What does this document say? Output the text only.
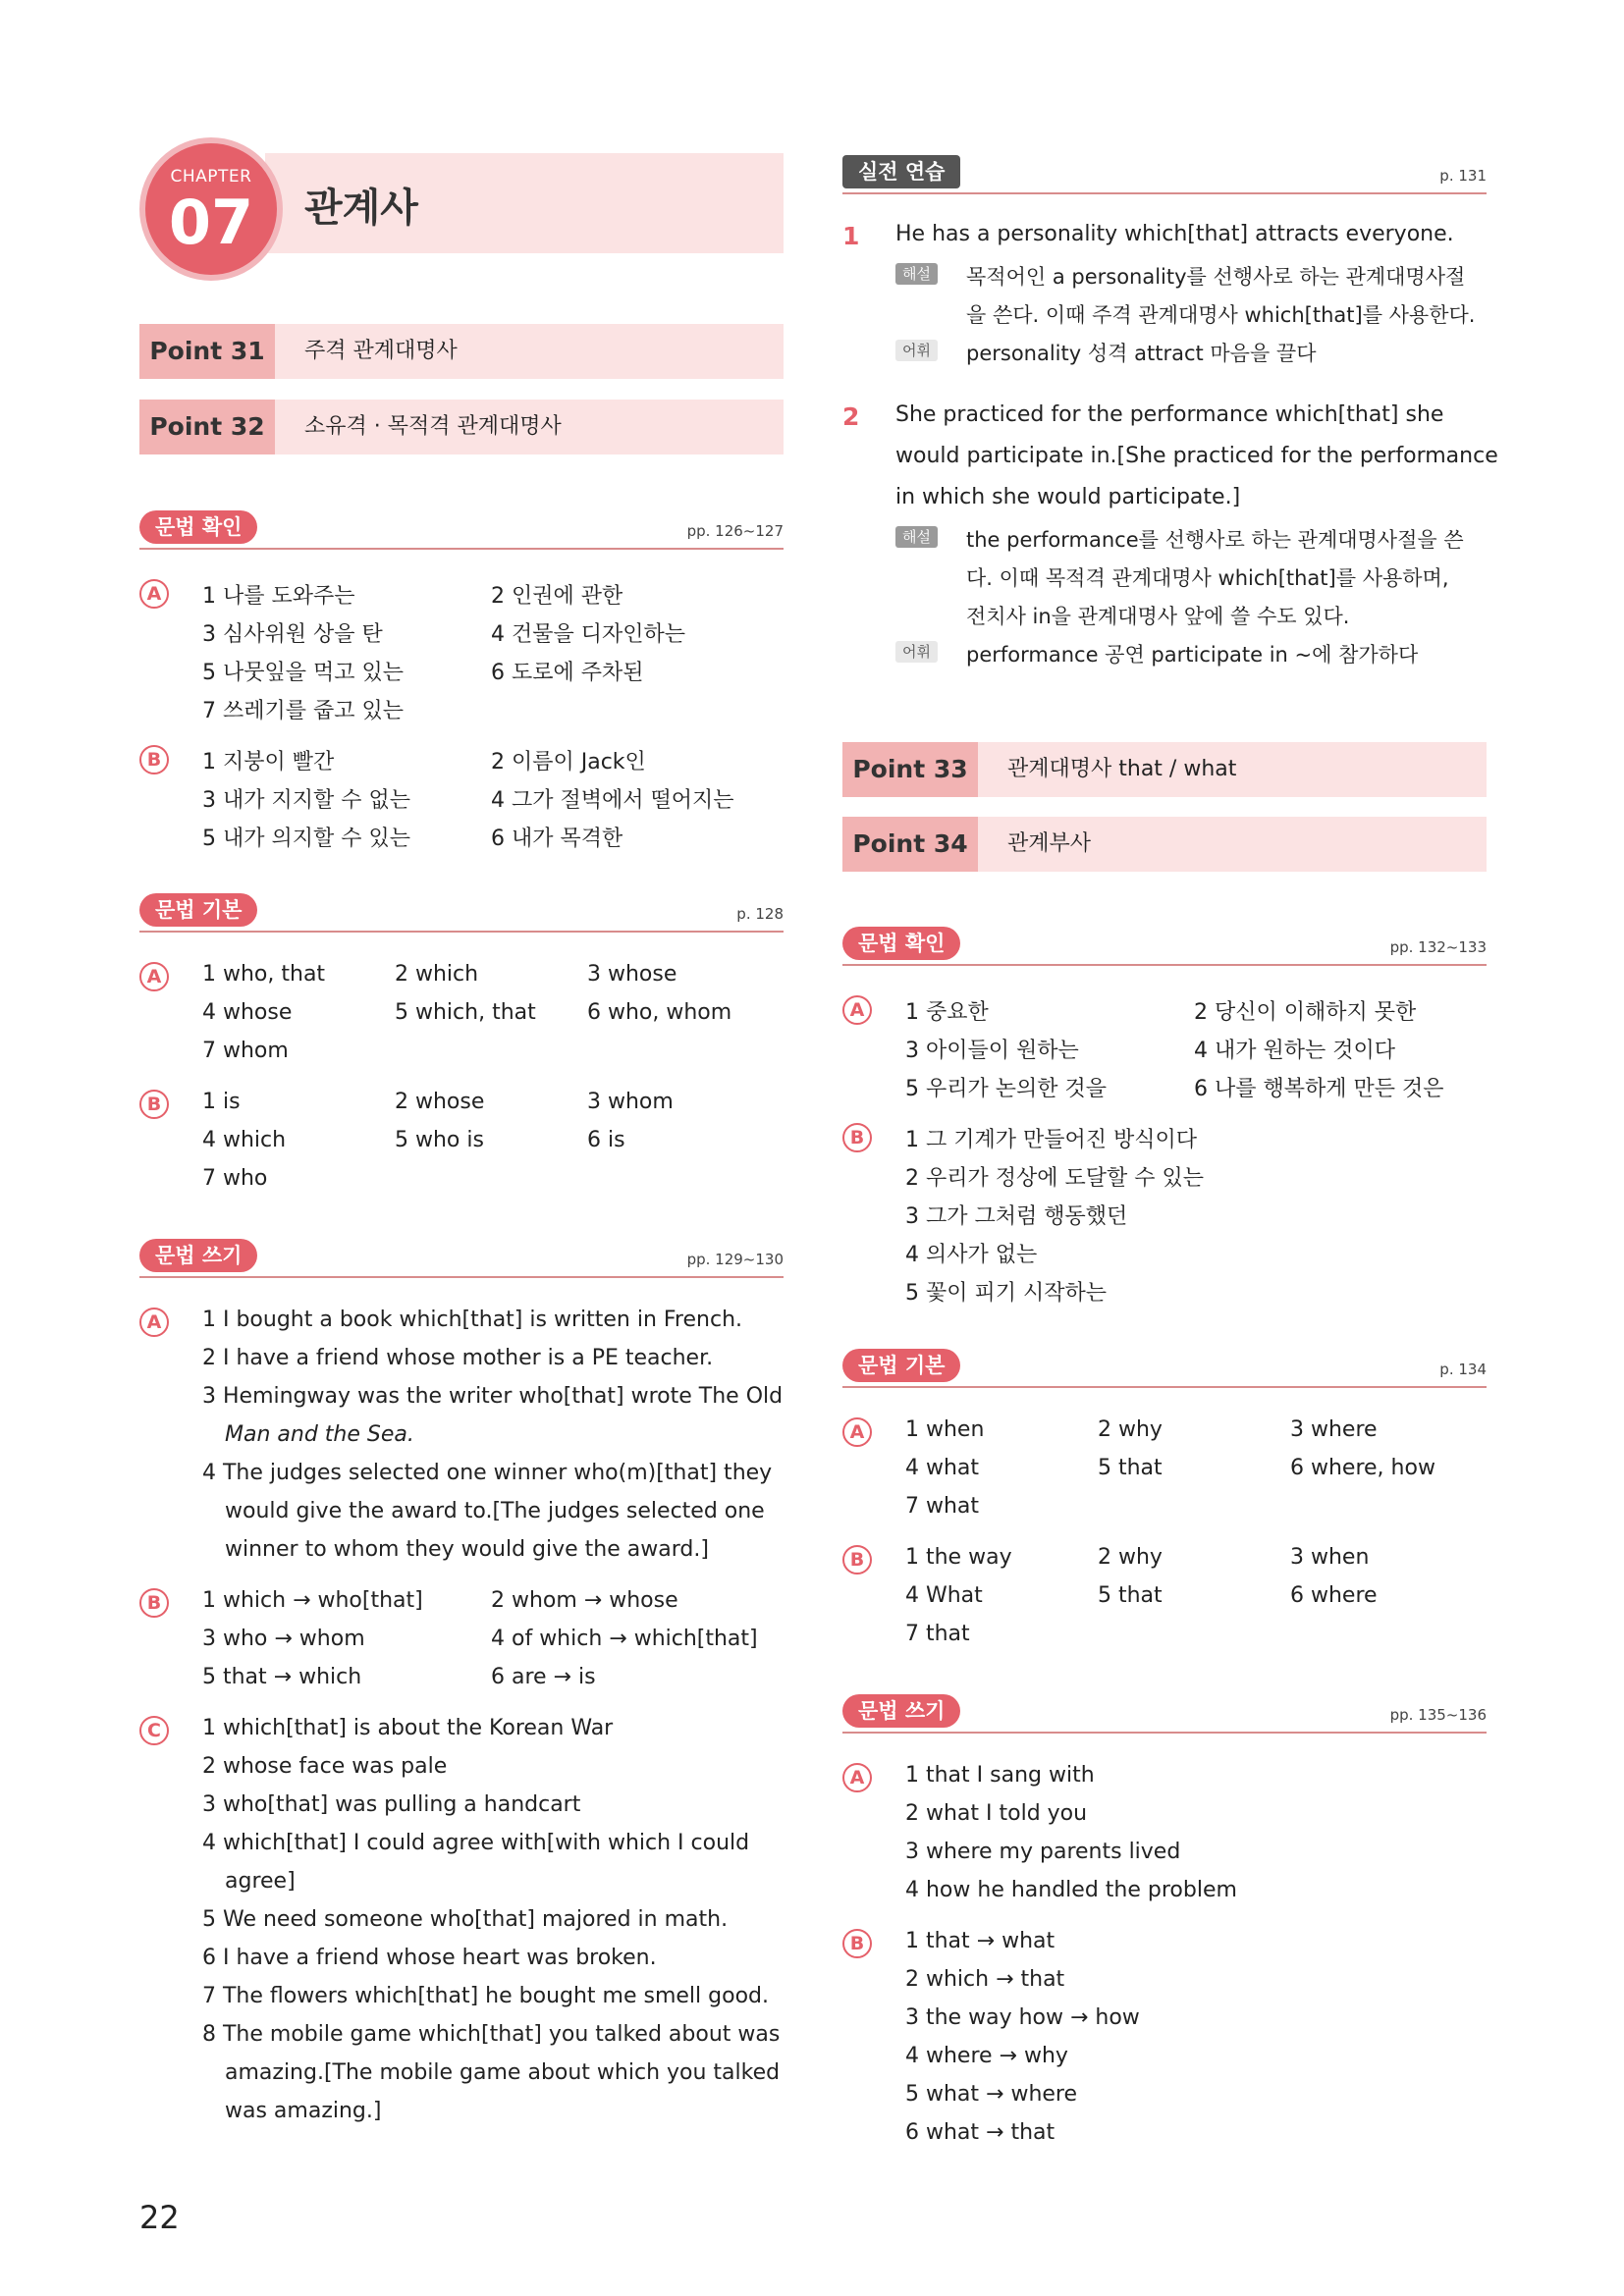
CHAPTER
07	관계사
Point 31	주격 관계대명사
Point 32	소유격 · 목적격 관계대명사
문법 확인	pp. 126~127
A	1 나를 도와주는	2 인권에 관한
3 심사위원 상을 탄	4 건물을 디자인하는
5 나뭇잎을 먹고 있는	6 도로에 주차된
7 쓰레기를 줍고 있는
B	1 지붕이 빨간	2 이름이 Jack인
3 내가 지지할 수 없는	4 그가 절벽에서 떨어지는
5 내가 의지할 수 있는	6 내가 목격한
문법 기본	p. 128
A	1 who, that	2 which	3 whose
4 whose	5 which, that 6 who, whom
7 whom
B	1 is	2 whose	3 whom
4 which	5 who is	6 is
7 who
문법 쓰기	pp. 129~130
A	1 I bought a book which[that] is written in French.
2 I have a friend whose mother is a PE teacher.
3 Hemingway was the writer who[that] wrote The Old
Man and the Sea.
4 The judges selected one winner who(m)[that] they
would give the award to.[The judges selected one
winner to whom they would give the award.]
B	1 which → who[that]	2 whom → whose
3 who → whom	4 of which → which[that]
5 that → which	6 are → is
C	1 which[that] is about the Korean War
2 whose face was pale
3 who[that] was pulling a handcart
4 which[that] I could agree with[with which I could
agree]
5 We need someone who[that] majored in math.
6 I have a friend whose heart was broken.
7 The flowers which[that] he bought me smell good.
8 The mobile game which[that] you talked about was
amazing.[The mobile game about which you talked
was amazing.]
실전 연습	p. 131
1 He has a personality which[that] attracts everyone.
해설	목적어인 a personality를 선행사로 하는 관계대명사절
을 쓴다. 이때 주격 관계대명사 which[that]를 사용한다.
어휘	personality 성격 attract 마음을 끌다
2 She practiced for the performance which[that] she
would participate in.[She practiced for the performance
in which she would participate.]
해설	the performance를 선행사로 하는 관계대명사절을 쓴
다. 이때 목적격 관계대명사 which[that]를 사용하며,
전치사 in을 관계대명사 앞에 쓸 수도 있다.
어휘	performance 공연 participate in ~에 참가하다
Point 33	관계대명사 that / what
Point 34	관계부사
문법 확인	pp. 132~133
A	1 중요한	2 당신이 이해하지 못한
3 아이들이 원하는	4 내가 원하는 것이다
5 우리가 논의한 것을	6 나를 행복하게 만든 것은
B	1 그 기계가 만들어진 방식이다
2 우리가 정상에 도달할 수 있는
3 그가 그처럼 행동했던
4 의사가 없는
5 꽃이 피기 시작하는
문법 기본	p. 134
A	1 when	2 why	3 where
4 what	5 that	6 where, how
7 what
B	1 the way	2 why	3 when
4 What	5 that	6 where
7 that
문법 쓰기	pp. 135~136
A	1 that I sang with
2 what I told you
3 where my parents lived
4 how he handled the problem
B	1 that → what
2 which → that
3 the way how → how
4 where → why
5 what → where
6 what → that
22
